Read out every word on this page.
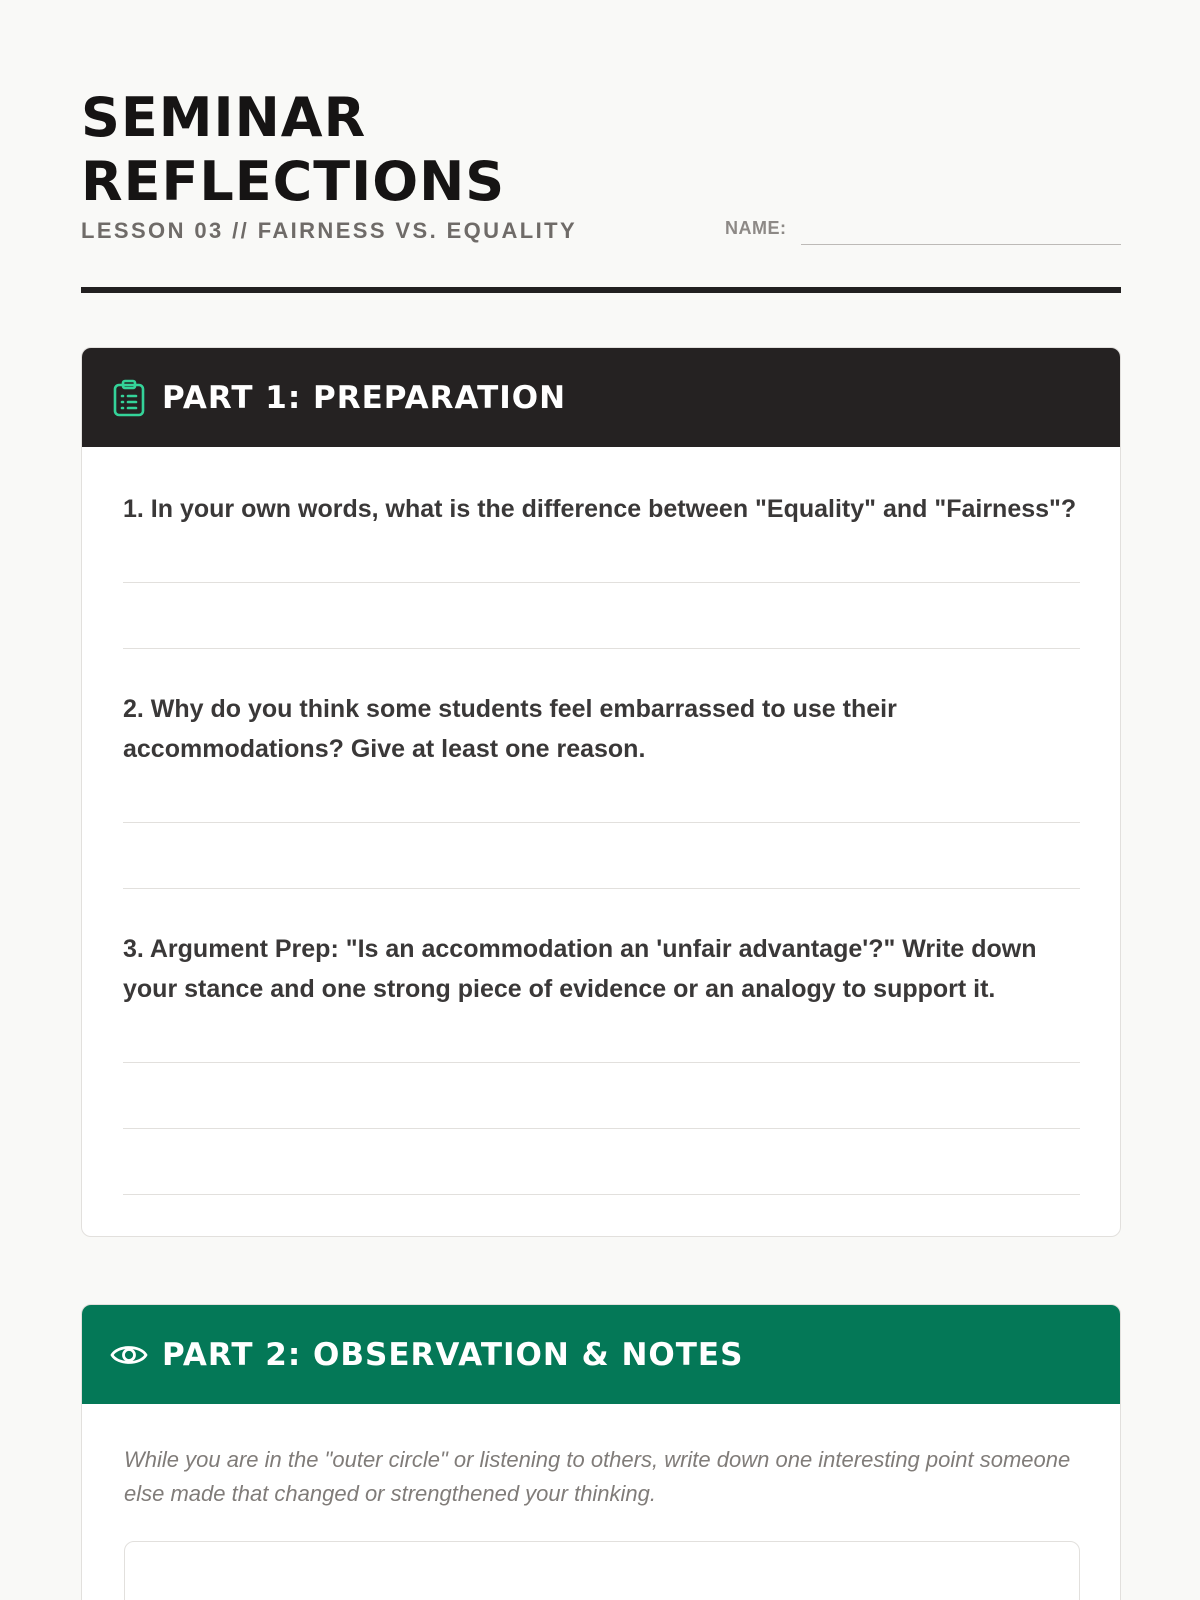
SEMINAR
REFLECTIONS
LESSON 03 // FAIRNESS VS. EQUALITY	NAME:
PART 1: PREPARATION
1. In your own words, what is the difference between "Equality" and "Fairness"?
2. Why do you think some students feel embarrassed to use their accommodations? Give at least one reason.
3. Argument Prep: "Is an accommodation an 'unfair advantage'?" Write down your stance and one strong piece of evidence or an analogy to support it.
PART 2: OBSERVATION & NOTES
While you are in the "outer circle" or listening to others, write down one interesting point someone else made that changed or strengthened your thinking.
